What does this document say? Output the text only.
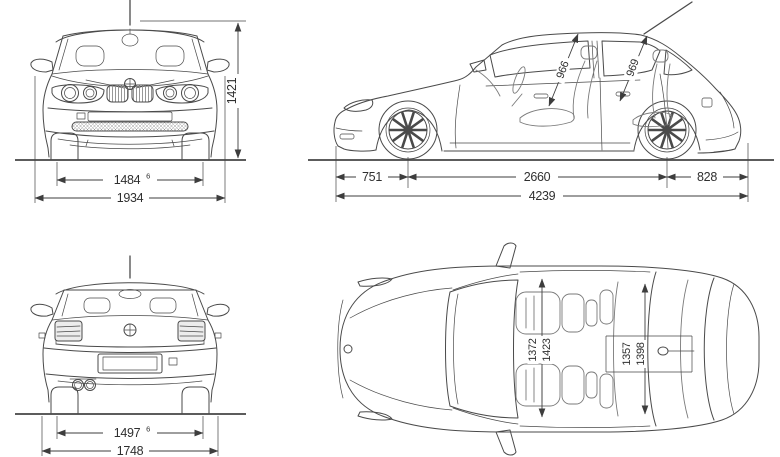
1421
1484 6
1934
966	969
751	2660	828
4239
1497 6
1748
1372 1423	1357 1398
